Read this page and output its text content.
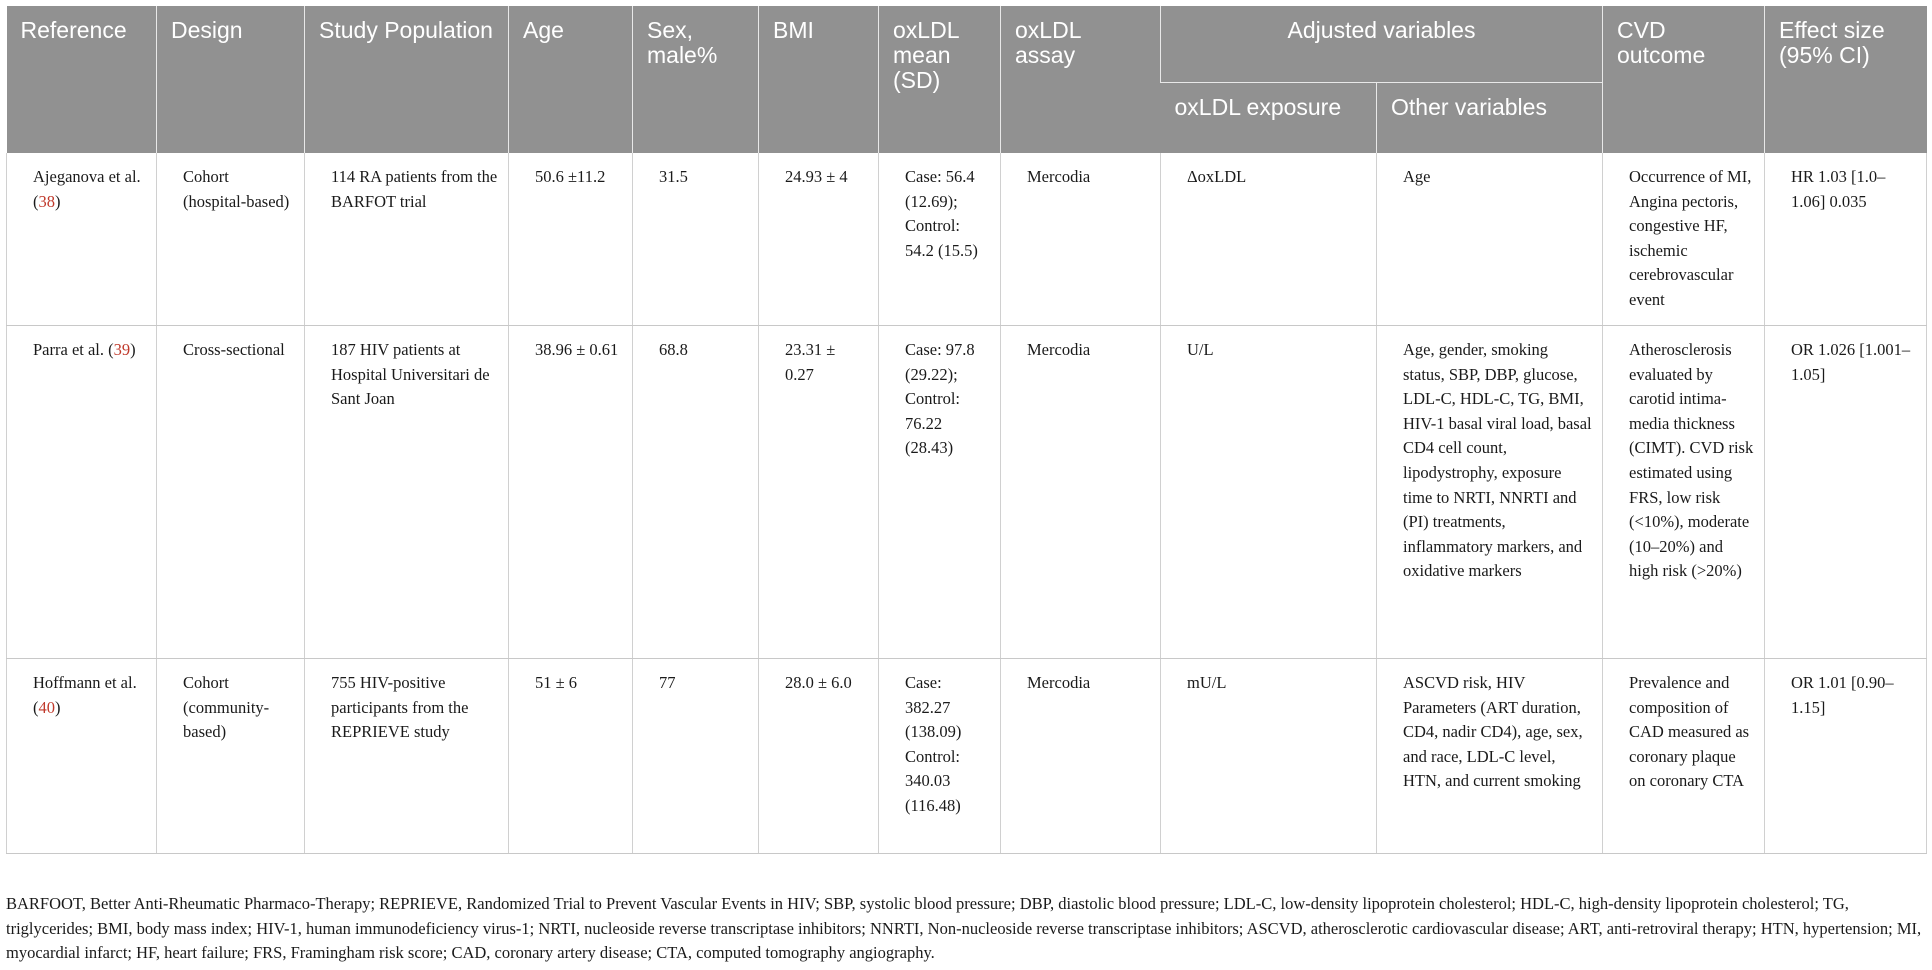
Reference	Design	Study Population	Age	Sex, male%	BMI	oxLDL mean (SD)	oxLDL assay	Adjusted variables		CVD outcome	Effect size (95% CI)
								oxLDL exposure	Other variables		
Ajeganova et al. (38)	Cohort (hospital-based)	114 RA patients from the BARFOT trial	50.6 ±11.2	31.5	24.93 ± 4	Case: 56.4 (12.69); Control: 54.2 (15.5)	Mercodia	ΔoxLDL	Age	Occurrence of MI, Angina pectoris, congestive HF, ischemic cerebrovascular event	HR 1.03 [1.0–1.06] 0.035
Parra et al. (39)	Cross-sectional	187 HIV patients at Hospital Universitari de Sant Joan	38.96 ± 0.61	68.8	23.31 ± 0.27	Case: 97.8 (29.22); Control: 76.22 (28.43)	Mercodia	U/L	Age, gender, smoking status, SBP, DBP, glucose, LDL-C, HDL-C, TG, BMI, HIV-1 basal viral load, basal CD4 cell count, lipodystrophy, exposure time to NRTI, NNRTI and (PI) treatments, inflammatory markers, and oxidative markers	Atherosclerosis evaluated by carotid intima-media thickness (CIMT). CVD risk estimated using FRS, low risk (<10%), moderate (10–20%) and high risk (>20%)	OR 1.026 [1.001–1.05]
Hoffmann et al. (40)	Cohort (community-based)	755 HIV-positive participants from the REPRIEVE study	51 ± 6	77	28.0 ± 6.0	Case: 382.27 (138.09) Control: 340.03 (116.48)	Mercodia	mU/L	ASCVD risk, HIV Parameters (ART duration, CD4, nadir CD4), age, sex, and race, LDL-C level, HTN, and current smoking	Prevalence and composition of CAD measured as coronary plaque on coronary CTA	OR 1.01 [0.90–1.15]
BARFOOT, Better Anti-Rheumatic Pharmaco-Therapy; REPRIEVE, Randomized Trial to Prevent Vascular Events in HIV; SBP, systolic blood pressure; DBP, diastolic blood pressure; LDL-C, low-density lipoprotein cholesterol; HDL-C, high-density lipoprotein cholesterol; TG, triglycerides; BMI, body mass index; HIV-1, human immunodeficiency virus-1; NRTI, nucleoside reverse transcriptase inhibitors; NNRTI, Non-nucleoside reverse transcriptase inhibitors; ASCVD, atherosclerotic cardiovascular disease; ART, anti-retroviral therapy; HTN, hypertension; MI, myocardial infarct; HF, heart failure; FRS, Framingham risk score; CAD, coronary artery disease; CTA, computed tomography angiography.
